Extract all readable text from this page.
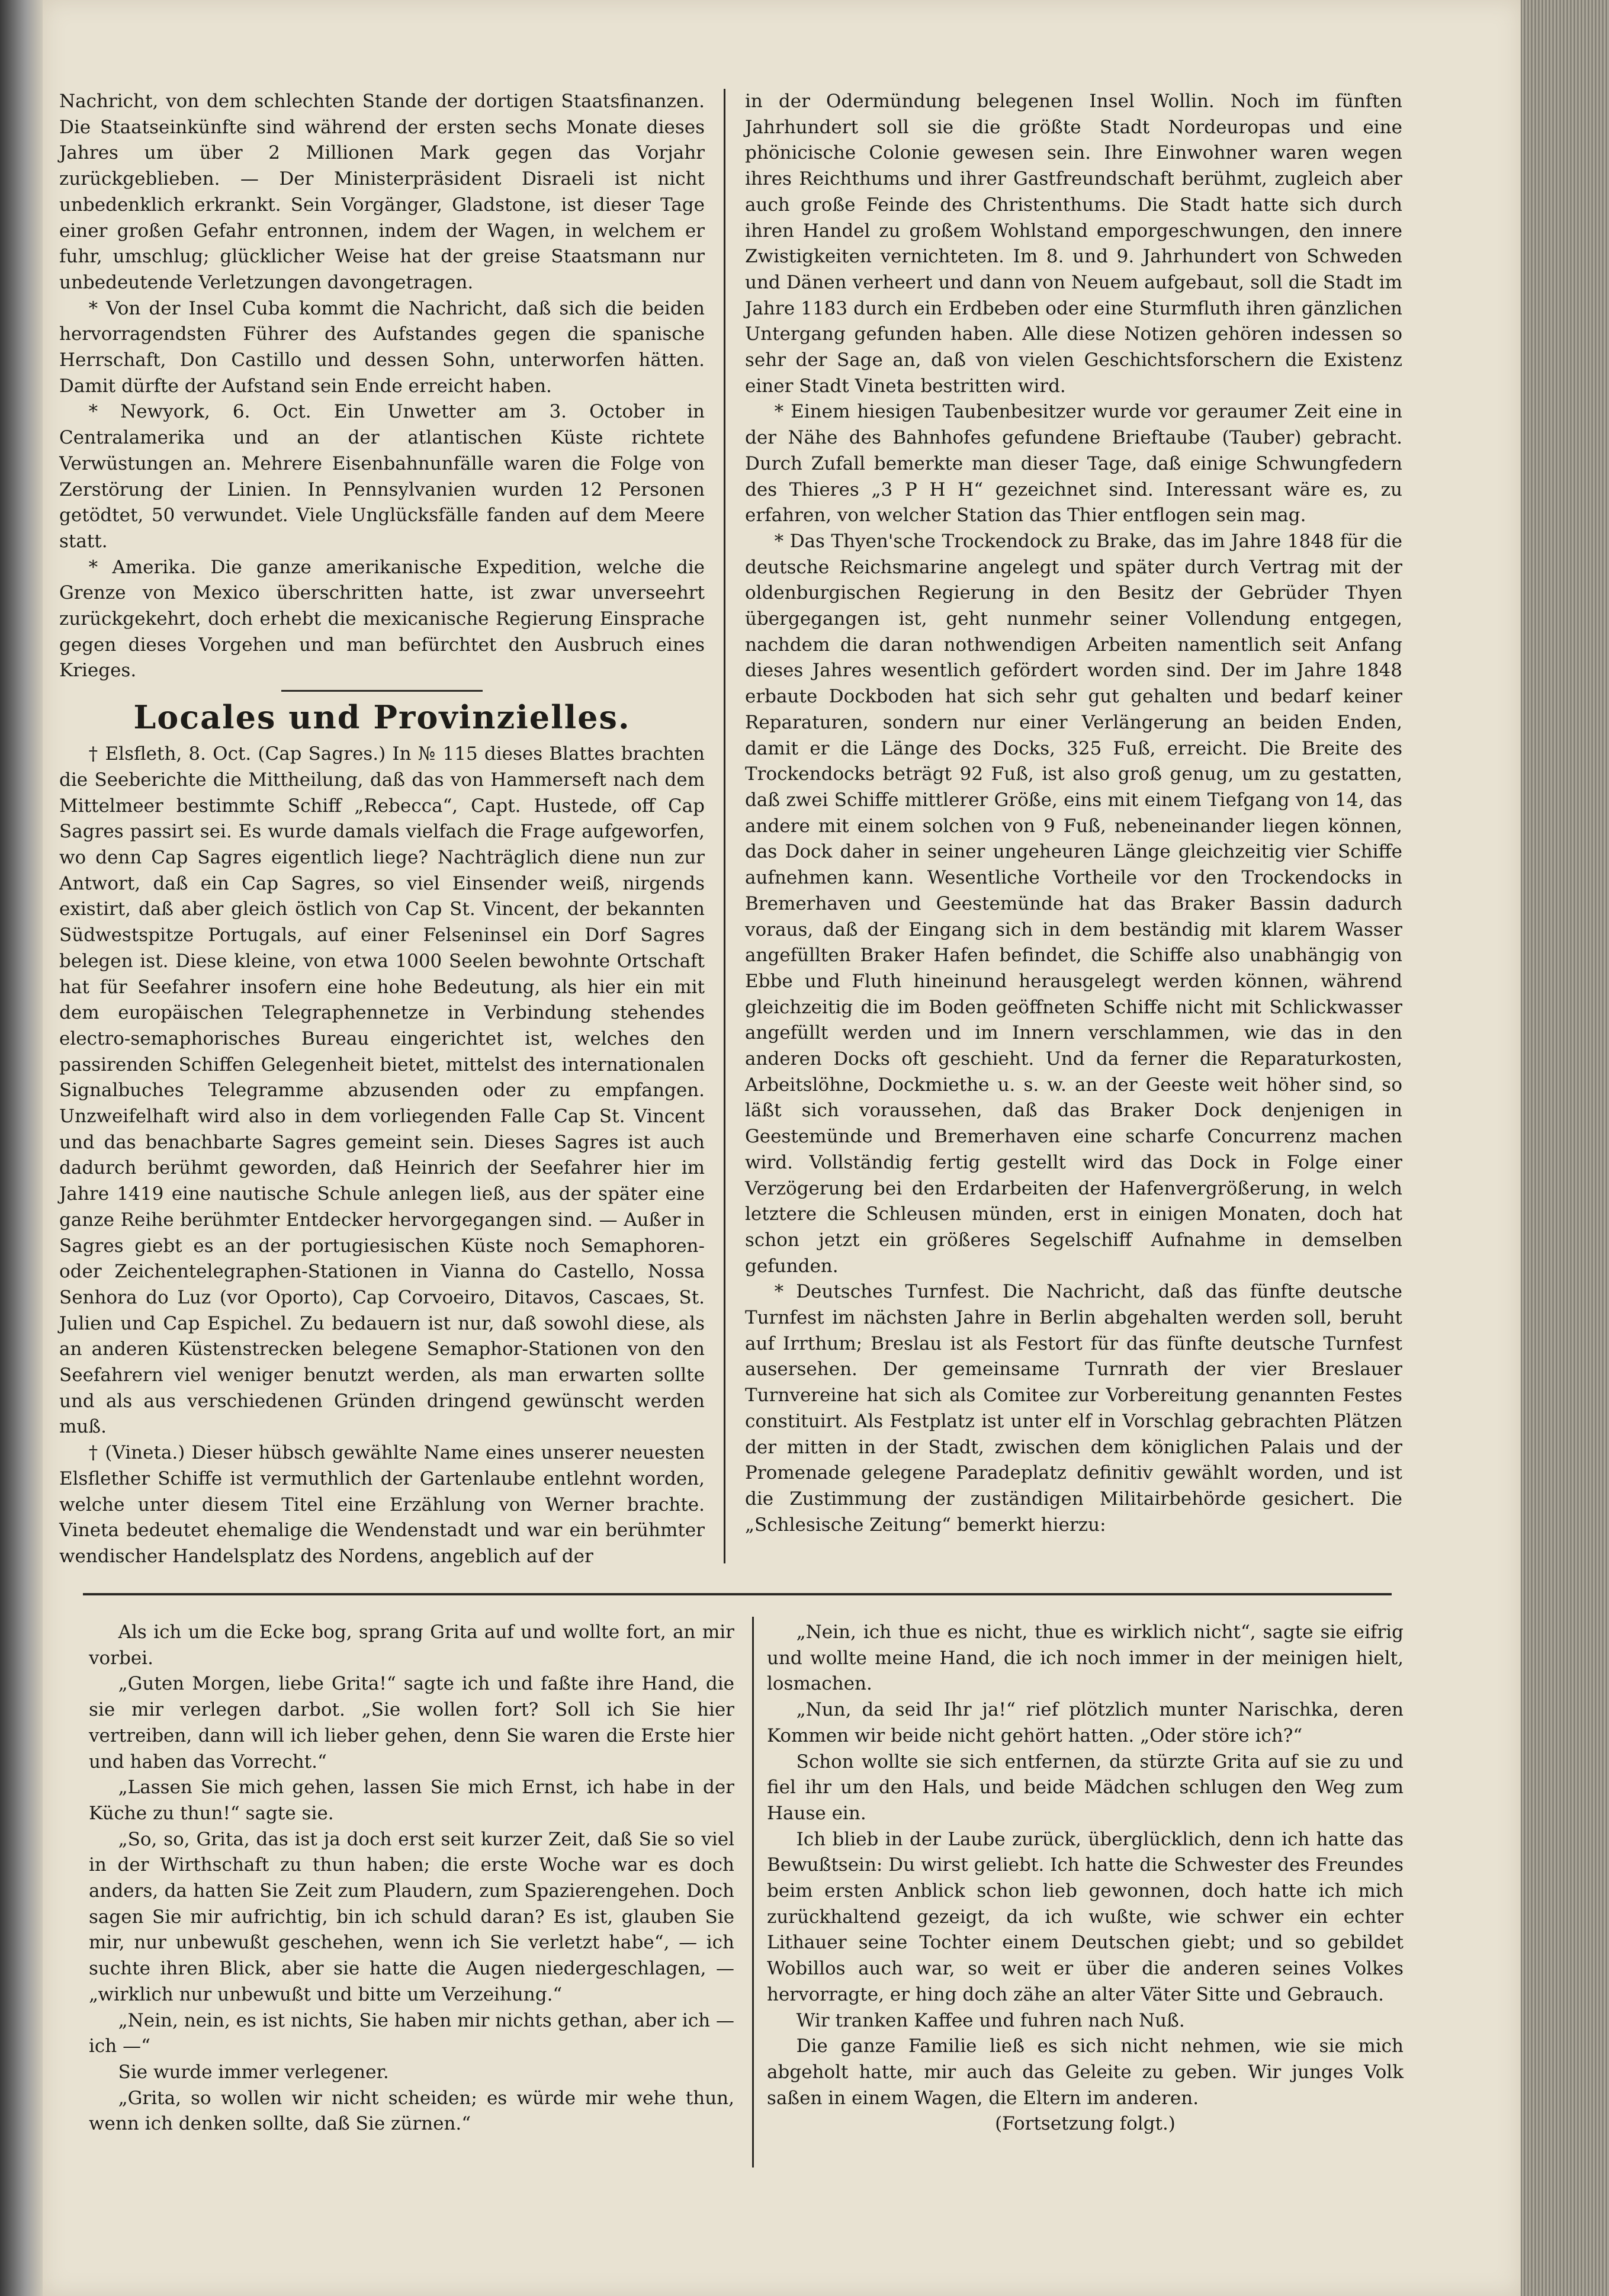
Nachricht, von dem schlechten Stande der dortigen Staatsfinanzen. Die Staatseinkünfte sind während der ersten sechs Monate dieses Jahres um über 2 Millionen Mark gegen das Vorjahr zurückgeblieben. — Der Ministerpräsident Disraeli ist nicht unbedenklich erkrankt. Sein Vorgänger, Gladstone, ist dieser Tage einer großen Gefahr entronnen, indem der Wagen, in welchem er fuhr, umschlug; glücklicher Weise hat der greise Staatsmann nur unbedeutende Verletzungen davongetragen.

* Von der Insel Cuba kommt die Nachricht, daß sich die beiden hervorragendsten Führer des Aufstandes gegen die spanische Herrschaft, Don Castillo und dessen Sohn, unterworfen hätten. Damit dürfte der Aufstand sein Ende erreicht haben.

* Newyork, 6. Oct. Ein Unwetter am 3. October in Centralamerika und an der atlantischen Küste richtete Verwüstungen an. Mehrere Eisenbahnunfälle waren die Folge von Zerstörung der Linien. In Pennsylvanien wurden 12 Personen getödtet, 50 verwundet. Viele Unglücksfälle fanden auf dem Meere statt.

* Amerika. Die ganze amerikanische Expedition, welche die Grenze von Mexico überschritten hatte, ist zwar unverseehrt zurückgekehrt, doch erhebt die mexicanische Regierung Einsprache gegen dieses Vorgehen und man befürchtet den Ausbruch eines Krieges.

Locales und Provinzielles.

† Elsfleth, 8. Oct. (Cap Sagres.) In № 115 dieses Blattes brachten die Seeberichte die Mittheilung, daß das von Hammerseft nach dem Mittelmeer bestimmte Schiff „Rebecca“, Capt. Hustede, off Cap Sagres passirt sei. Es wurde damals vielfach die Frage aufgeworfen, wo denn Cap Sagres eigentlich liege? Nachträglich diene nun zur Antwort, daß ein Cap Sagres, so viel Einsender weiß, nirgends existirt, daß aber gleich östlich von Cap St. Vincent, der bekannten Südwestspitze Portugals, auf einer Felseninsel ein Dorf Sagres belegen ist. Diese kleine, von etwa 1000 Seelen bewohnte Ortschaft hat für Seefahrer insofern eine hohe Bedeutung, als hier ein mit dem europäischen Telegraphennetze in Verbindung stehendes electro-semaphorisches Bureau eingerichtet ist, welches den passirenden Schiffen Gelegenheit bietet, mittelst des internationalen Signalbuches Telegramme abzusenden oder zu empfangen. Unzweifelhaft wird also in dem vorliegenden Falle Cap St. Vincent und das benachbarte Sagres gemeint sein. Dieses Sagres ist auch dadurch berühmt geworden, daß Heinrich der Seefahrer hier im Jahre 1419 eine nautische Schule anlegen ließ, aus der später eine ganze Reihe berühmter Entdecker hervorgegangen sind. — Außer in Sagres giebt es an der portugiesischen Küste noch Semaphoren- oder Zeichentelegraphen-Stationen in Vianna do Castello, Nossa Senhora do Luz (vor Oporto), Cap Corvoeiro, Ditavos, Cascaes, St. Julien und Cap Espichel. Zu bedauern ist nur, daß sowohl diese, als an anderen Küstenstrecken belegene Semaphor-Stationen von den Seefahrern viel weniger benutzt werden, als man erwarten sollte und als aus verschiedenen Gründen dringend gewünscht werden muß.

† (Vineta.) Dieser hübsch gewählte Name eines unserer neuesten Elsflether Schiffe ist vermuthlich der Gartenlaube entlehnt worden, welche unter diesem Titel eine Erzählung von Werner brachte. Vineta bedeutet ehemalige die Wendenstadt und war ein berühmter wendischer Handelsplatz des Nordens, angeblich auf der

in der Odermündung belegenen Insel Wollin. Noch im fünften Jahrhundert soll sie die größte Stadt Nordeuropas und eine phönicische Colonie gewesen sein. Ihre Einwohner waren wegen ihres Reichthums und ihrer Gastfreundschaft berühmt, zugleich aber auch große Feinde des Christenthums. Die Stadt hatte sich durch ihren Handel zu großem Wohlstand emporgeschwungen, den innere Zwistigkeiten vernichteten. Im 8. und 9. Jahrhundert von Schweden und Dänen verheert und dann von Neuem aufgebaut, soll die Stadt im Jahre 1183 durch ein Erdbeben oder eine Sturmfluth ihren gänzlichen Untergang gefunden haben. Alle diese Notizen gehören indessen so sehr der Sage an, daß von vielen Geschichtsforschern die Existenz einer Stadt Vineta bestritten wird.

* Einem hiesigen Taubenbesitzer wurde vor geraumer Zeit eine in der Nähe des Bahnhofes gefundene Brieftaube (Tauber) gebracht. Durch Zufall bemerkte man dieser Tage, daß einige Schwungfedern des Thieres „3 P H H“ gezeichnet sind. Interessant wäre es, zu erfahren, von welcher Station das Thier entflogen sein mag.

* Das Thyen'sche Trockendock zu Brake, das im Jahre 1848 für die deutsche Reichsmarine angelegt und später durch Vertrag mit der oldenburgischen Regierung in den Besitz der Gebrüder Thyen übergegangen ist, geht nunmehr seiner Vollendung entgegen, nachdem die daran nothwendigen Arbeiten namentlich seit Anfang dieses Jahres wesentlich gefördert worden sind. Der im Jahre 1848 erbaute Dockboden hat sich sehr gut gehalten und bedarf keiner Reparaturen, sondern nur einer Verlängerung an beiden Enden, damit er die Länge des Docks, 325 Fuß, erreicht. Die Breite des Trockendocks beträgt 92 Fuß, ist also groß genug, um zu gestatten, daß zwei Schiffe mittlerer Größe, eins mit einem Tiefgang von 14, das andere mit einem solchen von 9 Fuß, nebeneinander liegen können, das Dock daher in seiner ungeheuren Länge gleichzeitig vier Schiffe aufnehmen kann. Wesentliche Vortheile vor den Trockendocks in Bremerhaven und Geestemünde hat das Braker Bassin dadurch voraus, daß der Eingang sich in dem beständig mit klarem Wasser angefüllten Braker Hafen befindet, die Schiffe also unabhängig von Ebbe und Fluth hineinund herausgelegt werden können, während gleichzeitig die im Boden geöffneten Schiffe nicht mit Schlickwasser angefüllt werden und im Innern verschlammen, wie das in den anderen Docks oft geschieht. Und da ferner die Reparaturkosten, Arbeitslöhne, Dockmiethe u. s. w. an der Geeste weit höher sind, so läßt sich voraussehen, daß das Braker Dock denjenigen in Geestemünde und Bremerhaven eine scharfe Concurrenz machen wird. Vollständig fertig gestellt wird das Dock in Folge einer Verzögerung bei den Erdarbeiten der Hafenvergrößerung, in welch letztere die Schleusen münden, erst in einigen Monaten, doch hat schon jetzt ein größeres Segelschiff Aufnahme in demselben gefunden.

* Deutsches Turnfest. Die Nachricht, daß das fünfte deutsche Turnfest im nächsten Jahre in Berlin abgehalten werden soll, beruht auf Irrthum; Breslau ist als Festort für das fünfte deutsche Turnfest ausersehen. Der gemeinsame Turnrath der vier Breslauer Turnvereine hat sich als Comitee zur Vorbereitung genannten Festes constituirt. Als Festplatz ist unter elf in Vorschlag gebrachten Plätzen der mitten in der Stadt, zwischen dem königlichen Palais und der Promenade gelegene Paradeplatz definitiv gewählt worden, und ist die Zustimmung der zuständigen Militairbehörde gesichert. Die „Schlesische Zeitung“ bemerkt hierzu:

Als ich um die Ecke bog, sprang Grita auf und wollte fort, an mir vorbei.

„Guten Morgen, liebe Grita!“ sagte ich und faßte ihre Hand, die sie mir verlegen darbot. „Sie wollen fort? Soll ich Sie hier vertreiben, dann will ich lieber gehen, denn Sie waren die Erste hier und haben das Vorrecht.“

„Lassen Sie mich gehen, lassen Sie mich Ernst, ich habe in der Küche zu thun!“ sagte sie.

„So, so, Grita, das ist ja doch erst seit kurzer Zeit, daß Sie so viel in der Wirthschaft zu thun haben; die erste Woche war es doch anders, da hatten Sie Zeit zum Plaudern, zum Spazierengehen. Doch sagen Sie mir aufrichtig, bin ich schuld daran? Es ist, glauben Sie mir, nur unbewußt geschehen, wenn ich Sie verletzt habe“, — ich suchte ihren Blick, aber sie hatte die Augen niedergeschlagen, — „wirklich nur unbewußt und bitte um Verzeihung.“

„Nein, nein, es ist nichts, Sie haben mir nichts gethan, aber ich — ich —“

Sie wurde immer verlegener.

„Grita, so wollen wir nicht scheiden; es würde mir wehe thun, wenn ich denken sollte, daß Sie zürnen.“

„Nein, ich thue es nicht, thue es wirklich nicht“, sagte sie eifrig und wollte meine Hand, die ich noch immer in der meinigen hielt, losmachen.

„Nun, da seid Ihr ja!“ rief plötzlich munter Narischka, deren Kommen wir beide nicht gehört hatten. „Oder störe ich?“

Schon wollte sie sich entfernen, da stürzte Grita auf sie zu und fiel ihr um den Hals, und beide Mädchen schlugen den Weg zum Hause ein.

Ich blieb in der Laube zurück, überglücklich, denn ich hatte das Bewußtsein: Du wirst geliebt. Ich hatte die Schwester des Freundes beim ersten Anblick schon lieb gewonnen, doch hatte ich mich zurückhaltend gezeigt, da ich wußte, wie schwer ein echter Lithauer seine Tochter einem Deutschen giebt; und so gebildet Wobillos auch war, so weit er über die anderen seines Volkes hervorragte, er hing doch zähe an alter Väter Sitte und Gebrauch.

Wir tranken Kaffee und fuhren nach Nuß.

Die ganze Familie ließ es sich nicht nehmen, wie sie mich abgeholt hatte, mir auch das Geleite zu geben. Wir junges Volk saßen in einem Wagen, die Eltern im anderen.

(Fortsetzung folgt.)
